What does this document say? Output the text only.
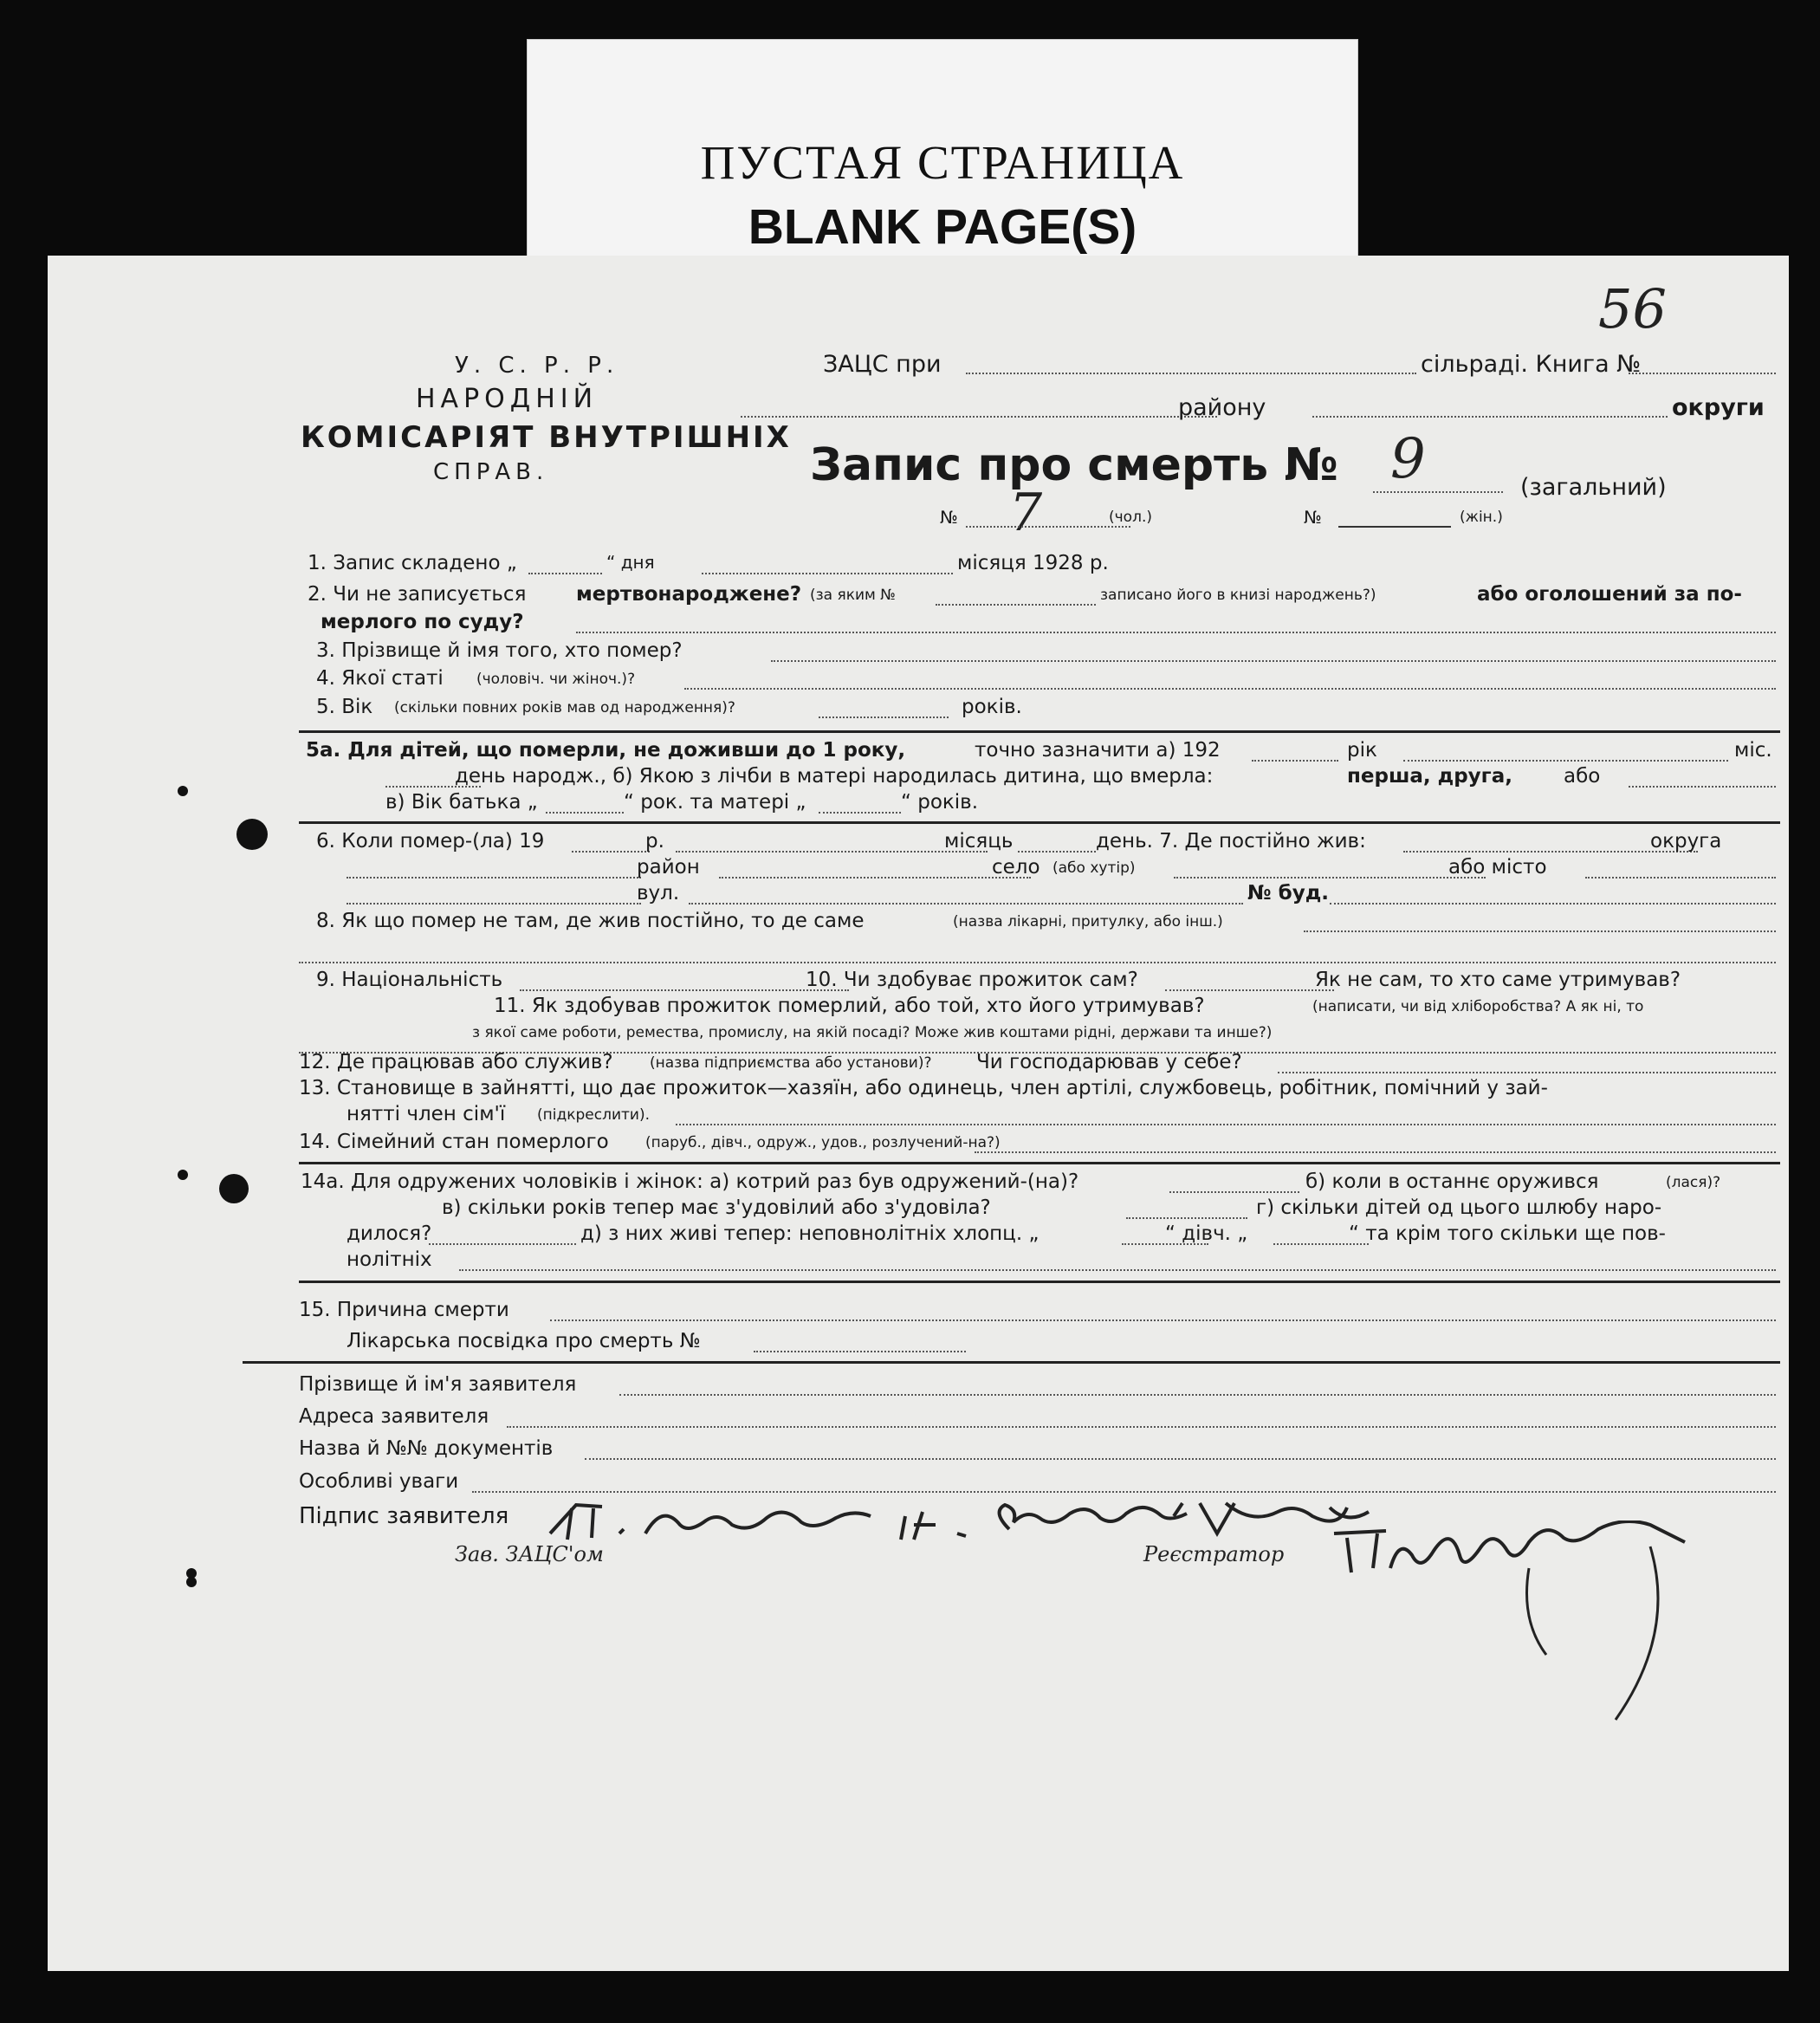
ПУСТАЯ СТРАНИЦА
BLANK PAGE(S)
56
У. С. Р. Р.
НАРОДНІЙ
КОМІСАРІЯТ ВНУТРІШНІХ
СПРАВ.
ЗАЦС при	сільраді. Книга №
району	округи
Запис про смерть № 9	(загальний)
№ 7	(чол.)	№	(жін.)
1. Запис складено „	“ дня	місяця 1928 р.
2. Чи не записується	мертвонароджене? (за яким №	записано його в книзі народжень?)	або оголошений за по-
мерлого по суду?
3. Прізвище й імя того, хто помер?
4. Якої статі (чоловіч. чи жіноч.)?
5. Вік (скільки повних років мав од народження)?	років.
5а. Для дітей, що померли, не доживши до 1 року,	точно зазначити а) 192	рік	міс.
день народж., б) Якою з лічби в матері народилась дитина, що вмерла:	перша, друга,	або
в) Вік батька „	“ рок. та матері „	“ років.
6. Коли помер-(ла) 19	р.	місяць	день. 7. Де постійно жив:	округа
район	село (або хутір)	або місто
вул.	№ буд.
8. Як що помер не там, де жив постійно, то де саме	(назва лікарні, притулку, або інш.)
9. Національність	10. Чи здобуває прожиток сам?	Як не сам, то хто саме утримував?
11. Як здобував прожиток померлий, або той, хто його утримував?	(написати, чи від хліборобства? А як ні, то
з якої саме роботи, ремества, промислу, на якій посаді? Може жив коштами рідні, держави та инше?)
12. Де працював або служив? (назва підприємства або установи)? Чи господарював у себе?
13. Становище в зайнятті, що дає прожиток—хазяїн, або одинець, член артілі, службовець, робітник, помічний у зай-
нятті член сім'ї (підкреслити).
14. Сімейний стан померлого (паруб., дівч., одруж., удов., розлучений-на?)
14а. Для одружених чоловіків і жінок: а) котрий раз був одружений-(на)?	б) коли в останнє оружився	(лася)?
в) скільки років тепер має з'удовілий або з'удовіла?	г) скільки дітей од цього шлюбу наро-
дилося?	д) з них живі тепер: неповнолітніх хлопц. „	“ дівч. „	“ та крім того скільки ще пов-
нолітніх
15. Причина смерти
Лікарська посвідка про смерть №
Прізвище й ім'я заявителя
Адреса заявителя
Назва й №№ документів
Особливі уваги
Підпис заявителя
Зав. ЗАЦС'ом	Реєстратор
